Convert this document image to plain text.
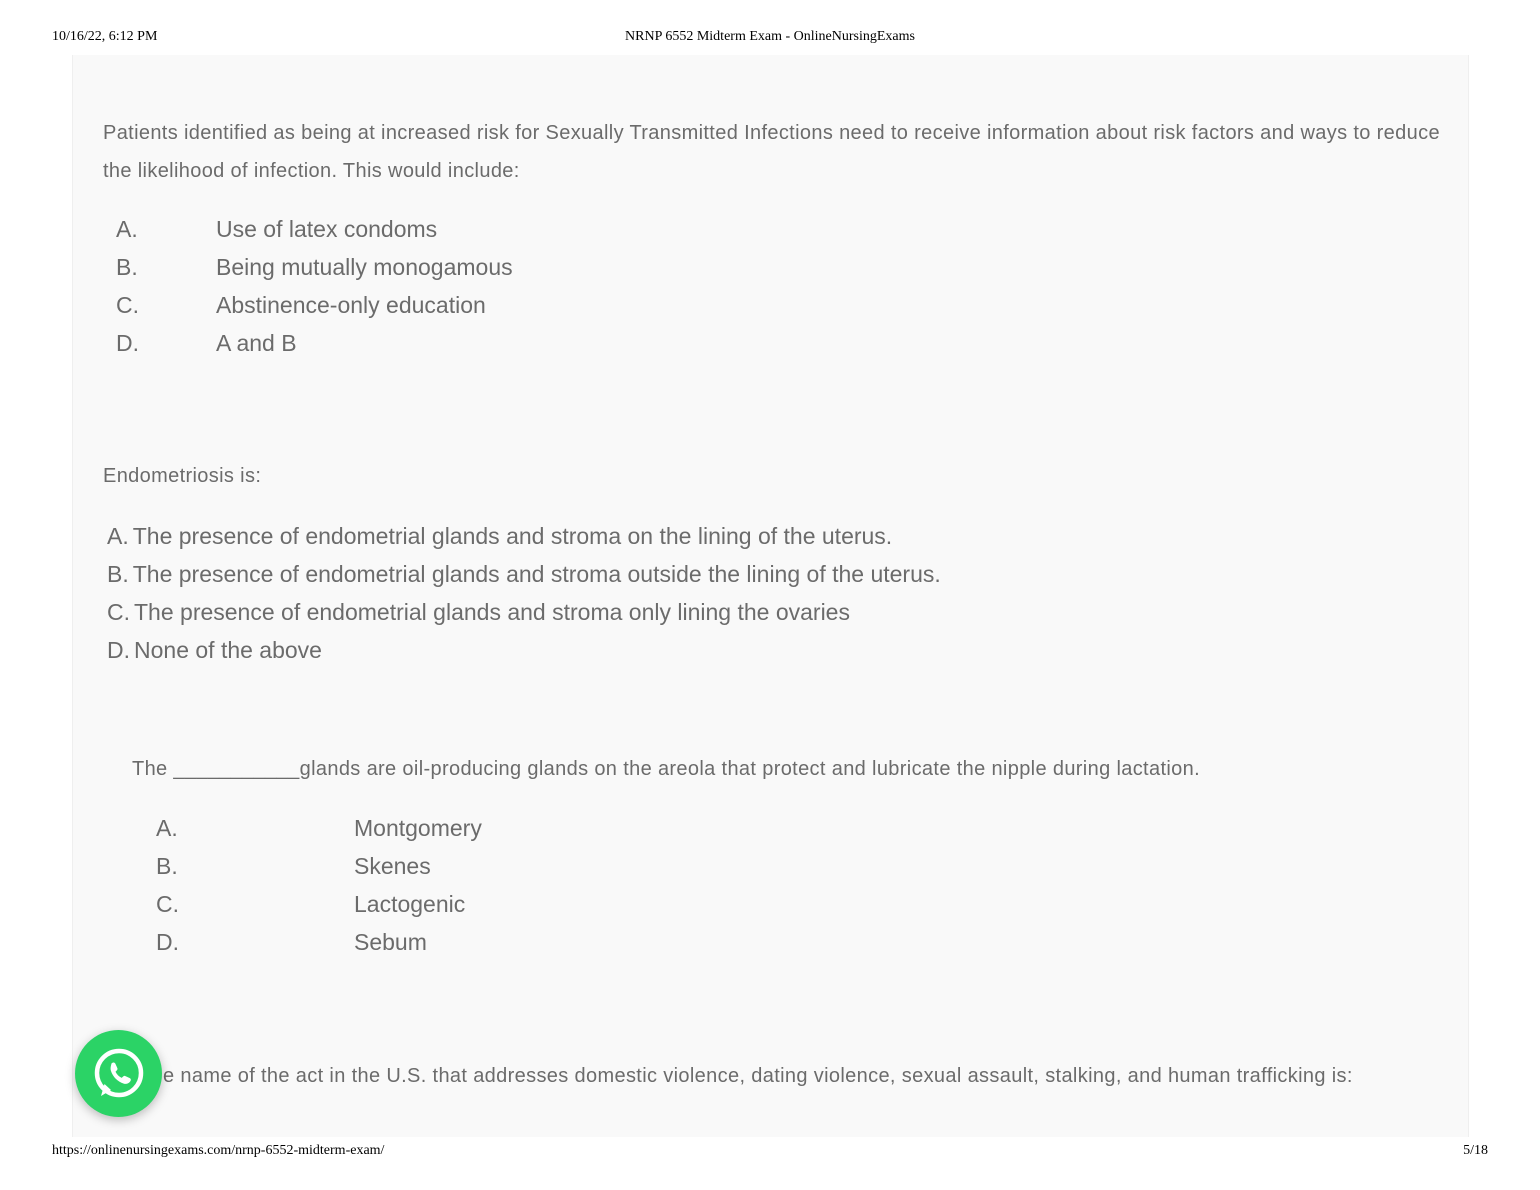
10/16/22, 6:12 PM	NRNP 6552 Midterm Exam - OnlineNursingExams

Patients identified as being at increased risk for Sexually Transmitted Infections need to receive information about risk factors and ways to reduce the likelihood of infection. This would include:

A.	Use of latex condoms
B.	Being mutually monogamous
C.	Abstinence-only education
D.	A and B

Endometriosis is:

A. The presence of endometrial glands and stroma on the lining of the uterus.
B. The presence of endometrial glands and stroma outside the lining of the uterus.
C. The presence of endometrial glands and stroma only lining the ovaries
D. None of the above

The ___________glands are oil-producing glands on the areola that protect and lubricate the nipple during lactation.

A.	Montgomery
B.	Skenes
C.	Lactogenic
D.	Sebum

e name of the act in the U.S. that addresses domestic violence, dating violence, sexual assault, stalking, and human trafficking is:

https://onlinenursingexams.com/nrnp-6552-midterm-exam/	5/18
